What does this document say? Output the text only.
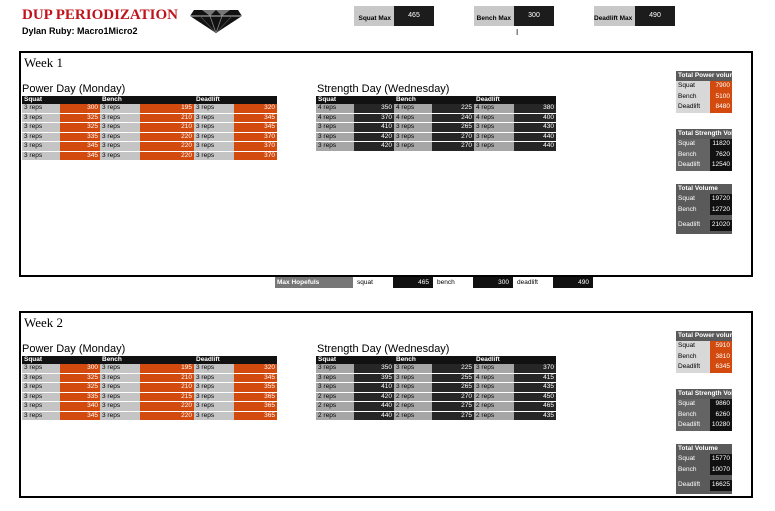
DUP PERIODIZATION
Dylan Ruby: Macro1Micro2
Squat Max	465	Bench Max	300	Deadlift Max	490
I
Week 1
Power Day (Monday)
Squat		Bench		Deadlift	
3 reps	300	3 reps	195	3 reps	320
3 reps	325	3 reps	210	3 reps	345
3 reps	325	3 reps	210	3 reps	345
3 reps	335	3 reps	220	3 reps	370
3 reps	345	3 reps	220	3 reps	370
3 reps	345	3 reps	220	3 reps	370
Strength Day (Wednesday)
Squat		Bench		Deadlift	
4 reps	350	4 reps	225	4 reps	380
4 reps	370	4 reps	240	4 reps	400
3 reps	410	3 reps	265	3 reps	430
3 reps	420	3 reps	270	3 reps	440
3 reps	420	3 reps	270	3 reps	440
Total Power volume
Squat	7900
Bench	5100
Deadlift	8480
Total Strength Volume
Squat	11820
Bench	7620
Deadlift	12540
Total Volume
Squat	19720
Bench	12720
Deadlift	21020
Max Hopefuls	squat	465	bench	300	deadlift	490
Week 2
Power Day (Monday)
Squat		Bench		Deadlift	
3 reps	300	3 reps	195	3 reps	320
3 reps	325	3 reps	210	3 reps	345
3 reps	325	3 reps	210	3 reps	355
3 reps	335	3 reps	215	3 reps	365
3 reps	340	3 reps	220	3 reps	365
3 reps	345	3 reps	220	3 reps	365
Strength Day (Wednesday)
Squat		Bench		Deadlift	
3 reps	350	3 reps	225	3 reps	370
3 reps	395	3 reps	255	4 reps	415
3 reps	410	3 reps	265	3 reps	435
2 reps	420	2 reps	270	2 reps	450
2 reps	440	2 reps	275	2 reps	465
2 reps	440	2 reps	275	2 reps	435
Total Power volume
Squat	5910
Bench	3810
Deadlift	6345
Total Strength Volume
Squat	9860
Bench	6260
Deadlift	10280
Total Volume
Squat	15770
Bench	10070
Deadlift	16625
